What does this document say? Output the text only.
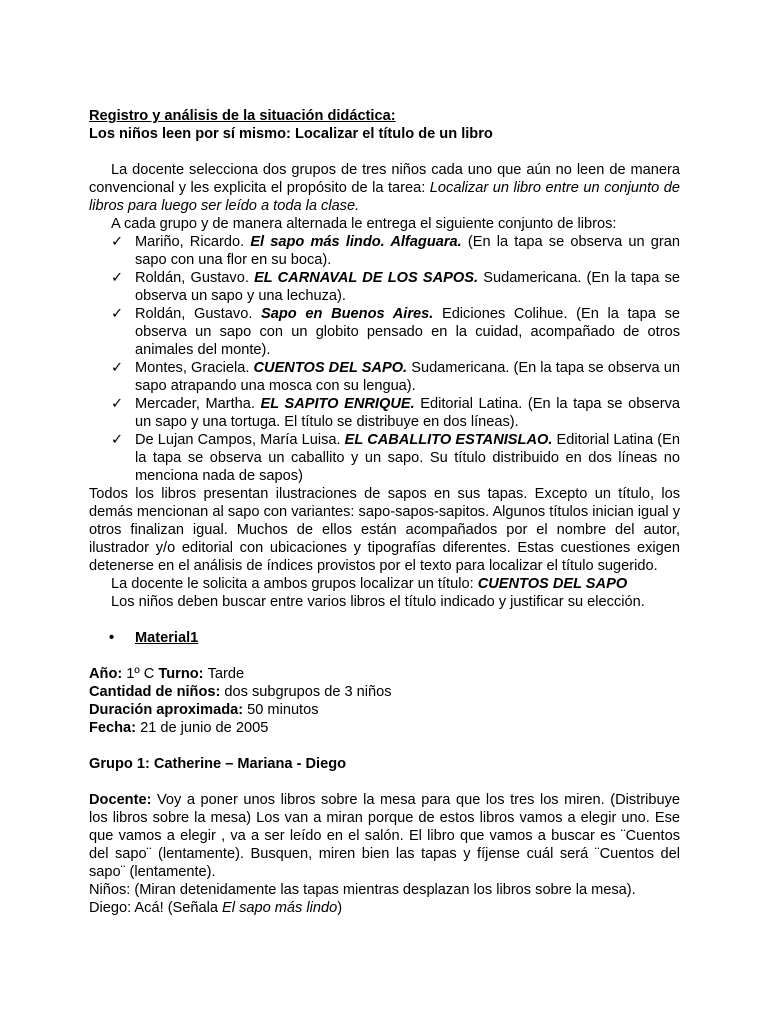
Registro y análisis de la situación didáctica:
Los niños leen por sí mismo: Localizar el título de un libro

La docente selecciona dos grupos de tres niños cada uno que aún no leen de manera convencional y les explicita el propósito de la tarea: Localizar un libro entre un conjunto de libros para luego ser leído a toda la clase.

A cada grupo y de manera alternada le entrega el siguiente conjunto de libros:

✓ Mariño, Ricardo. El sapo más lindo. Alfaguara. (En la tapa se observa un gran sapo con una flor en su boca).
✓ Roldán, Gustavo. EL CARNAVAL DE LOS SAPOS. Sudamericana. (En la tapa se observa un sapo y una lechuza).
✓ Roldán, Gustavo. Sapo en Buenos Aires. Ediciones Colihue. (En la tapa se observa un sapo con un globito pensado en la cuidad, acompañado de otros animales del monte).
✓ Montes, Graciela. CUENTOS DEL SAPO. Sudamericana. (En la tapa se observa un sapo atrapando una mosca con su lengua).
✓ Mercader, Martha. EL SAPITO ENRIQUE. Editorial Latina. (En la tapa se observa un sapo y una tortuga. El título se distribuye en dos líneas).
✓ De Lujan Campos, María Luisa. EL CABALLITO ESTANISLAO. Editorial Latina (En la tapa se observa un caballito y un sapo. Su título distribuido en dos líneas no menciona nada de sapos)

Todos los libros presentan ilustraciones de sapos en sus tapas. Excepto un título, los demás mencionan al sapo con variantes: sapo-sapos-sapitos. Algunos títulos inician igual y otros finalizan igual. Muchos de ellos están acompañados por el nombre del autor, ilustrador y/o editorial con ubicaciones y tipografías diferentes. Estas cuestiones exigen detenerse en el análisis de índices provistos por el texto para localizar el título sugerido.

La docente le solicita a ambos grupos localizar un título: CUENTOS DEL SAPO

Los niños deben buscar entre varios libros el título indicado y justificar su elección.

• Material1
Año: 1º C Turno: Tarde
Cantidad de niños: dos subgrupos de 3 niños
Duración aproximada: 50 minutos
Fecha: 21 de junio de 2005
Grupo 1: Catherine – Mariana - Diego

Docente: Voy a poner unos libros sobre la mesa para que los tres los miren. (Distribuye los libros sobre la mesa) Los van a miran porque de estos libros vamos a elegir uno. Ese que vamos a elegir , va a ser leído en el salón. El libro que vamos a buscar es ¨Cuentos del sapo¨ (lentamente). Busquen, miren bien las tapas y fíjense cuál será ¨Cuentos del sapo¨ (lentamente).

Niños: (Miran detenidamente las tapas mientras desplazan los libros sobre la mesa).

Diego: Acá! (Señala El sapo más lindo)
